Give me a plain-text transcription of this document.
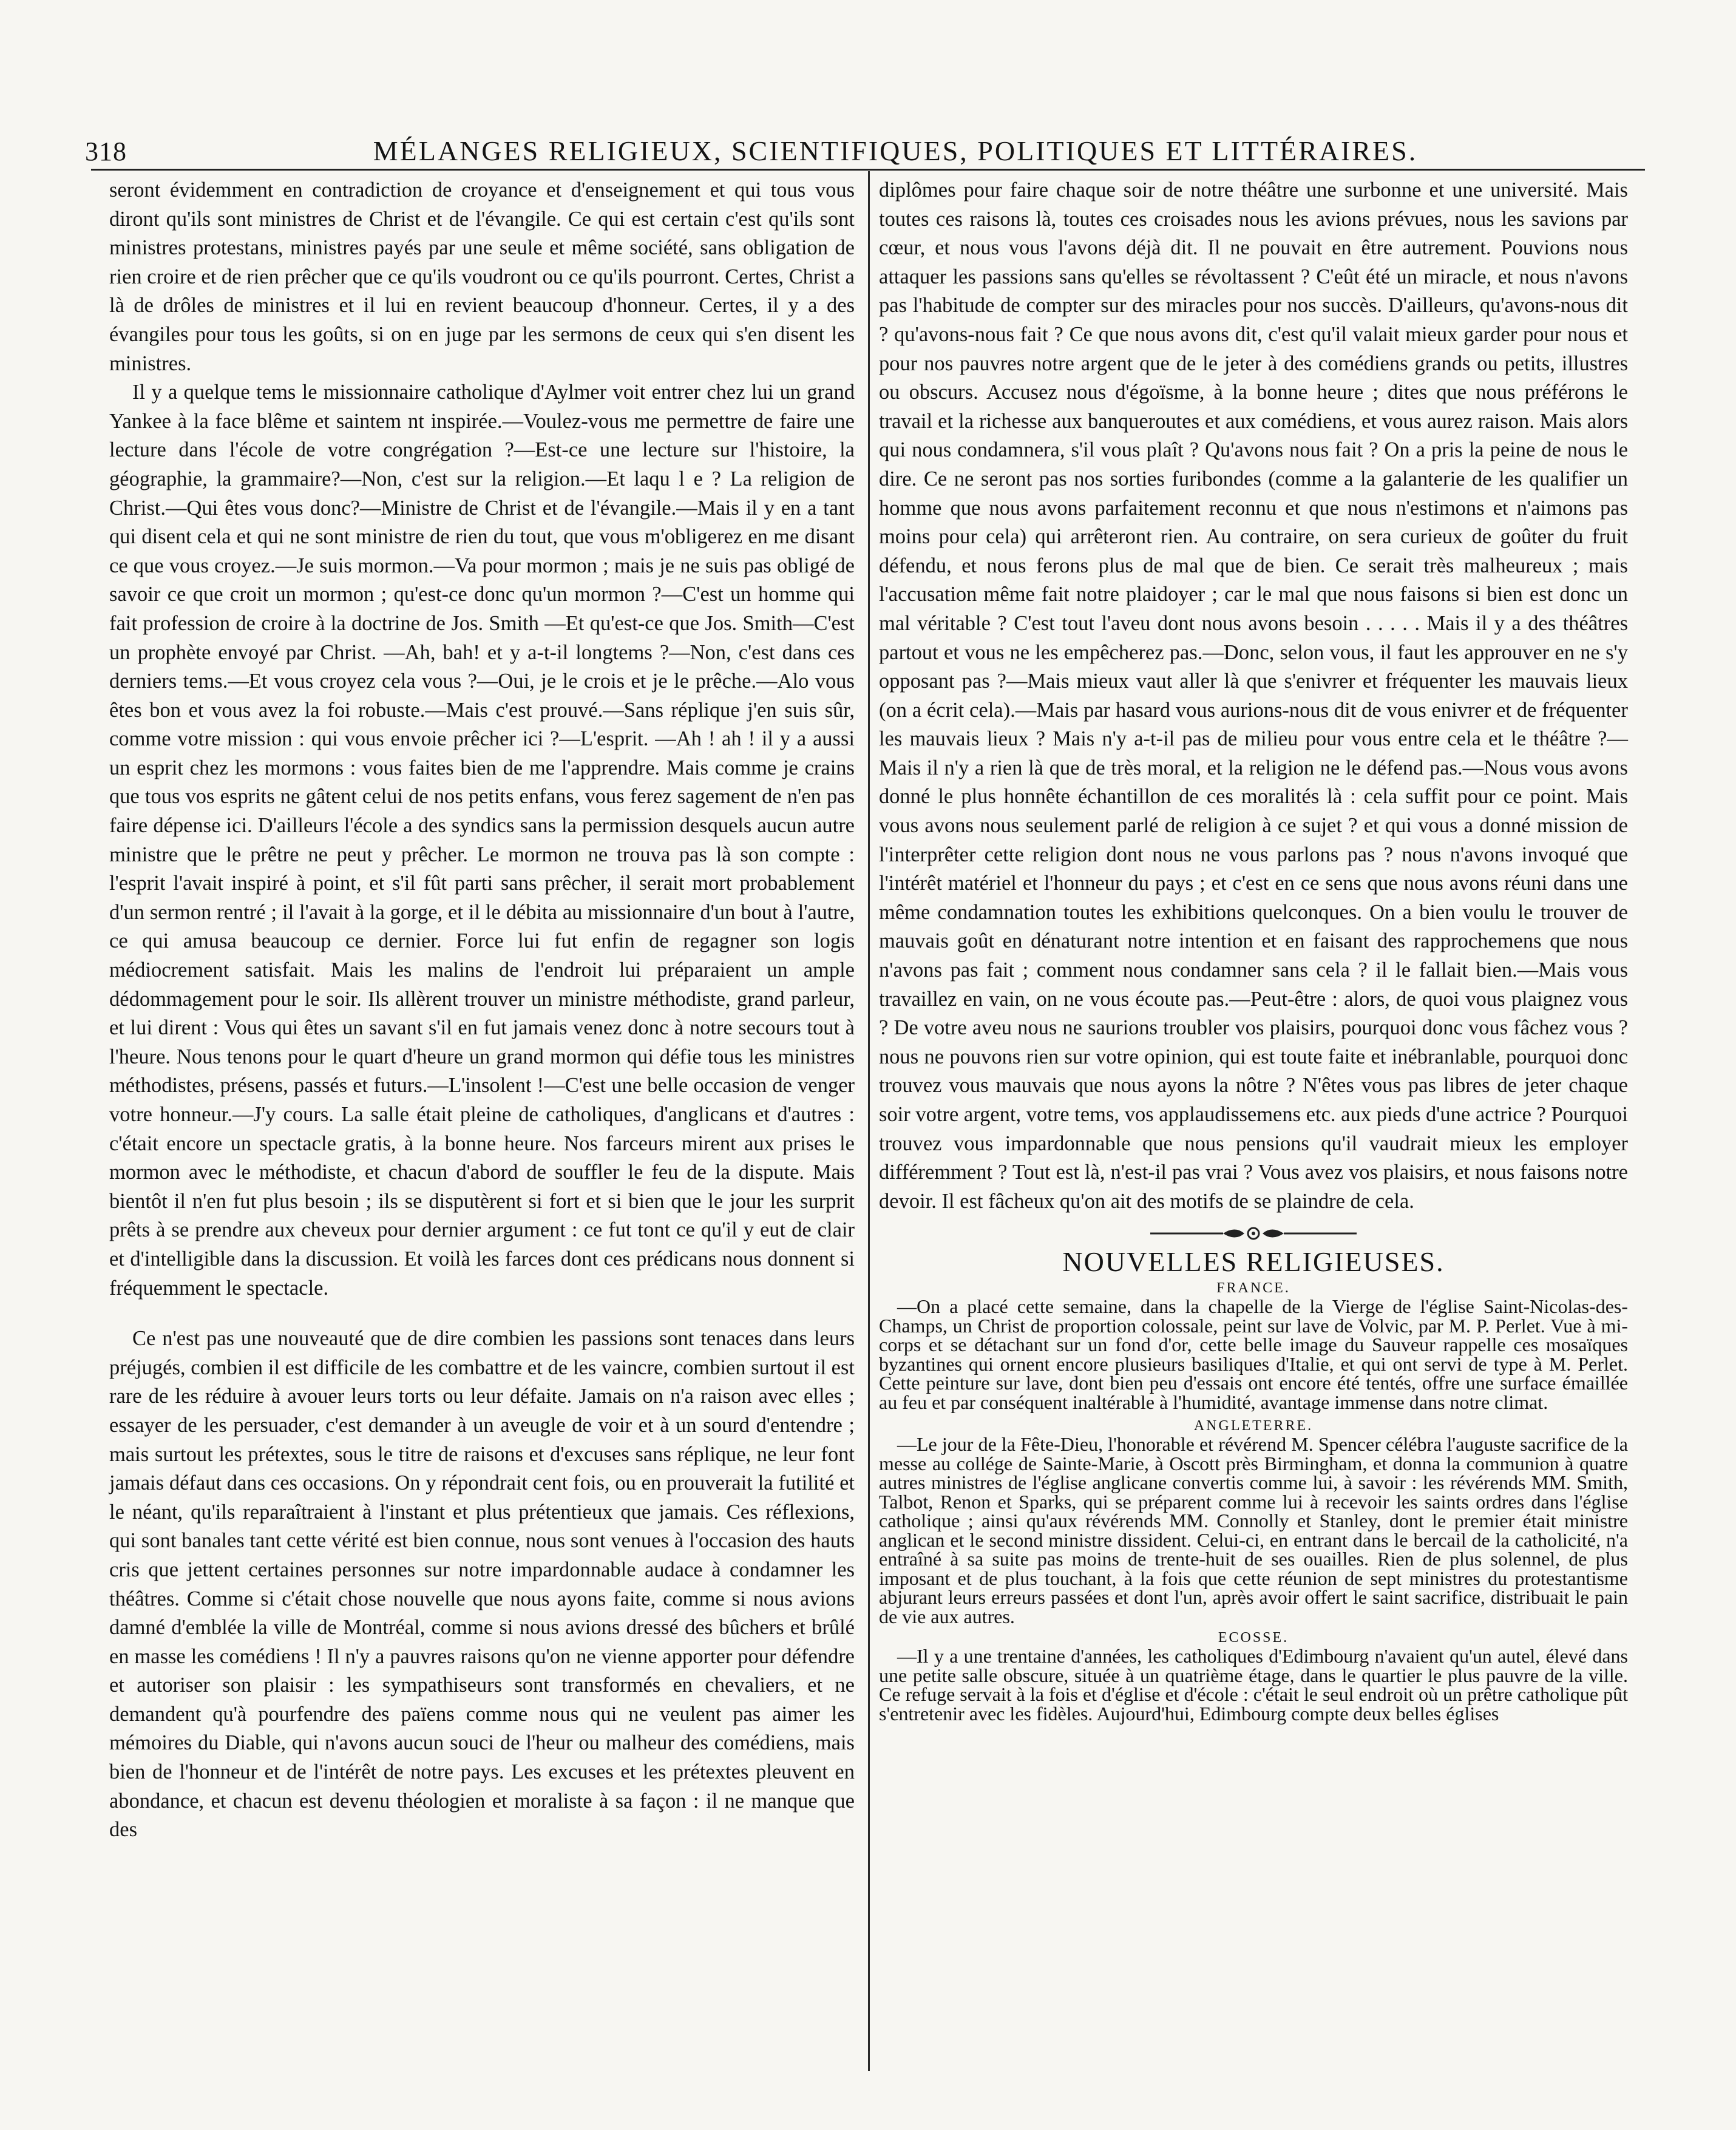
318	MÉLANGES RELIGIEUX, SCIENTIFIQUES, POLITIQUES ET LITTÉRAIRES.

seront évidemment en contradiction de croyance et d'enseignement et qui tous vous diront qu'ils sont ministres de Christ et de l'évangile. Ce qui est certain c'est qu'ils sont ministres protestans, ministres payés par une seule et même société, sans obligation de rien croire et de rien prêcher que ce qu'ils voudront ou ce qu'ils pourront. Certes, Christ a là de drôles de ministres et il lui en revient beaucoup d'honneur. Certes, il y a des évangiles pour tous les goûts, si on en juge par les sermons de ceux qui s'en disent les ministres.

Il y a quelque tems le missionnaire catholique d'Aylmer voit entrer chez lui un grand Yankee à la face blême et saintem nt inspirée.—Voulez-vous me permettre de faire une lecture dans l'école de votre congrégation ?—Est-ce une lecture sur l'histoire, la géographie, la grammaire?—Non, c'est sur la religion.—Et laqu l e ? La religion de Christ.—Qui êtes vous donc?—Ministre de Christ et de l'évangile.—Mais il y en a tant qui disent cela et qui ne sont ministre de rien du tout, que vous m'obligerez en me disant ce que vous croyez.—Je suis mormon.—Va pour mormon ; mais je ne suis pas obligé de savoir ce que croit un mormon ; qu'est-ce donc qu'un mormon ?—C'est un homme qui fait profession de croire à la doctrine de Jos. Smith —Et qu'est-ce que Jos. Smith—C'est un prophète envoyé par Christ. —Ah, bah! et y a-t-il longtems ?—Non, c'est dans ces derniers tems.—Et vous croyez cela vous ?—Oui, je le crois et je le prêche.—Alo vous êtes bon et vous avez la foi robuste.—Mais c'est prouvé.—Sans réplique j'en suis sûr, comme votre mission : qui vous envoie prêcher ici ?—L'esprit. —Ah ! ah ! il y a aussi un esprit chez les mormons : vous faites bien de me l'apprendre. Mais comme je crains que tous vos esprits ne gâtent celui de nos petits enfans, vous ferez sagement de n'en pas faire dépense ici. D'ailleurs l'école a des syndics sans la permission desquels aucun autre ministre que le prêtre ne peut y prêcher. Le mormon ne trouva pas là son compte : l'esprit l'avait inspiré à point, et s'il fût parti sans prêcher, il serait mort probablement d'un sermon rentré ; il l'avait à la gorge, et il le débita au missionnaire d'un bout à l'autre, ce qui amusa beaucoup ce dernier. Force lui fut enfin de regagner son logis médiocrement satisfait. Mais les malins de l'endroit lui préparaient un ample dédommagement pour le soir. Ils allèrent trouver un ministre méthodiste, grand parleur, et lui dirent : Vous qui êtes un savant s'il en fut jamais venez donc à notre secours tout à l'heure. Nous tenons pour le quart d'heure un grand mormon qui défie tous les ministres méthodistes, présens, passés et futurs.—L'insolent !—C'est une belle occasion de venger votre honneur.—J'y cours. La salle était pleine de catholiques, d'anglicans et d'autres : c'était encore un spectacle gratis, à la bonne heure. Nos farceurs mirent aux prises le mormon avec le méthodiste, et chacun d'abord de souffler le feu de la dispute. Mais bientôt il n'en fut plus besoin ; ils se disputèrent si fort et si bien que le jour les surprit prêts à se prendre aux cheveux pour dernier argument : ce fut tont ce qu'il y eut de clair et d'intelligible dans la discussion. Et voilà les farces dont ces prédicans nous donnent si fréquemment le spectacle.

Ce n'est pas une nouveauté que de dire combien les passions sont tenaces dans leurs préjugés, combien il est difficile de les combattre et de les vaincre, combien surtout il est rare de les réduire à avouer leurs torts ou leur défaite. Jamais on n'a raison avec elles ; essayer de les persuader, c'est demander à un aveugle de voir et à un sourd d'entendre ; mais surtout les prétextes, sous le titre de raisons et d'excuses sans réplique, ne leur font jamais défaut dans ces occasions. On y répondrait cent fois, ou en prouverait la futilité et le néant, qu'ils reparaîtraient à l'instant et plus prétentieux que jamais. Ces réflexions, qui sont banales tant cette vérité est bien connue, nous sont venues à l'occasion des hauts cris que jettent certaines personnes sur notre impardonnable audace à condamner les théâtres. Comme si c'était chose nouvelle que nous ayons faite, comme si nous avions damné d'emblée la ville de Montréal, comme si nous avions dressé des bûchers et brûlé en masse les comédiens ! Il n'y a pauvres raisons qu'on ne vienne apporter pour défendre et autoriser son plaisir : les sympathiseurs sont transformés en chevaliers, et ne demandent qu'à pourfendre des païens comme nous qui ne veulent pas aimer les mémoires du Diable, qui n'avons aucun souci de l'heur ou malheur des comédiens, mais bien de l'honneur et de l'intérêt de notre pays. Les excuses et les prétextes pleuvent en abondance, et chacun est devenu théologien et moraliste à sa façon : il ne manque que des

diplômes pour faire chaque soir de notre théâtre une surbonne et une université. Mais toutes ces raisons là, toutes ces croisades nous les avions prévues, nous les savions par cœur, et nous vous l'avons déjà dit. Il ne pouvait en être autrement. Pouvions nous attaquer les passions sans qu'elles se révoltassent ? C'eût été un miracle, et nous n'avons pas l'habitude de compter sur des miracles pour nos succès. D'ailleurs, qu'avons-nous dit ? qu'avons-nous fait ? Ce que nous avons dit, c'est qu'il valait mieux garder pour nous et pour nos pauvres notre argent que de le jeter à des comédiens grands ou petits, illustres ou obscurs. Accusez nous d'égoïsme, à la bonne heure ; dites que nous préférons le travail et la richesse aux banqueroutes et aux comédiens, et vous aurez raison. Mais alors qui nous condamnera, s'il vous plaît ? Qu'avons nous fait ? On a pris la peine de nous le dire. Ce ne seront pas nos sorties furibondes (comme a la galanterie de les qualifier un homme que nous avons parfaitement reconnu et que nous n'estimons et n'aimons pas moins pour cela) qui arrêteront rien. Au contraire, on sera curieux de goûter du fruit défendu, et nous ferons plus de mal que de bien. Ce serait très malheureux ; mais l'accusation même fait notre plaidoyer ; car le mal que nous faisons si bien est donc un mal véritable ? C'est tout l'aveu dont nous avons besoin . . . . . Mais il y a des théâtres partout et vous ne les empêcherez pas.—Donc, selon vous, il faut les approuver en ne s'y opposant pas ?—Mais mieux vaut aller là que s'enivrer et fréquenter les mauvais lieux (on a écrit cela).—Mais par hasard vous aurions-nous dit de vous enivrer et de fréquenter les mauvais lieux ? Mais n'y a-t-il pas de milieu pour vous entre cela et le théâtre ?—Mais il n'y a rien là que de très moral, et la religion ne le défend pas.—Nous vous avons donné le plus honnête échantillon de ces moralités là : cela suffit pour ce point. Mais vous avons nous seulement parlé de religion à ce sujet ? et qui vous a donné mission de l'interprêter cette religion dont nous ne vous parlons pas ? nous n'avons invoqué que l'intérêt matériel et l'honneur du pays ; et c'est en ce sens que nous avons réuni dans une même condamnation toutes les exhibitions quelconques. On a bien voulu le trouver de mauvais goût en dénaturant notre intention et en faisant des rapprochemens que nous n'avons pas fait ; comment nous condamner sans cela ? il le fallait bien.—Mais vous travaillez en vain, on ne vous écoute pas.—Peut-être : alors, de quoi vous plaignez vous ? De votre aveu nous ne saurions troubler vos plaisirs, pourquoi donc vous fâchez vous ? nous ne pouvons rien sur votre opinion, qui est toute faite et inébranlable, pourquoi donc trouvez vous mauvais que nous ayons la nôtre ? N'êtes vous pas libres de jeter chaque soir votre argent, votre tems, vos applaudissemens etc. aux pieds d'une actrice ? Pourquoi trouvez vous impardonnable que nous pensions qu'il vaudrait mieux les employer différemment ? Tout est là, n'est-il pas vrai ? Vous avez vos plaisirs, et nous faisons notre devoir. Il est fâcheux qu'on ait des motifs de se plaindre de cela.

NOUVELLES RELIGIEUSES.
FRANCE.

—On a placé cette semaine, dans la chapelle de la Vierge de l'église Saint-Nicolas-des-Champs, un Christ de proportion colossale, peint sur lave de Volvic, par M. P. Perlet. Vue à mi-corps et se détachant sur un fond d'or, cette belle image du Sauveur rappelle ces mosaïques byzantines qui ornent encore plusieurs basiliques d'Italie, et qui ont servi de type à M. Perlet. Cette peinture sur lave, dont bien peu d'essais ont encore été tentés, offre une surface émaillée au feu et par conséquent inaltérable à l'humidité, avantage immense dans notre climat.

ANGLETERRE.

—Le jour de la Fête-Dieu, l'honorable et révérend M. Spencer célébra l'auguste sacrifice de la messe au collége de Sainte-Marie, à Oscott près Birmingham, et donna la communion à quatre autres ministres de l'église anglicane convertis comme lui, à savoir : les révérends MM. Smith, Talbot, Renon et Sparks, qui se préparent comme lui à recevoir les saints ordres dans l'église catholique ; ainsi qu'aux révérends MM. Connolly et Stanley, dont le premier était ministre anglican et le second ministre dissident. Celui-ci, en entrant dans le bercail de la catholicité, n'a entraîné à sa suite pas moins de trente-huit de ses ouailles. Rien de plus solennel, de plus imposant et de plus touchant, à la fois que cette réunion de sept ministres du protestantisme abjurant leurs erreurs passées et dont l'un, après avoir offert le saint sacrifice, distribuait le pain de vie aux autres.

ECOSSE.

—Il y a une trentaine d'années, les catholiques d'Edimbourg n'avaient qu'un autel, élevé dans une petite salle obscure, située à un quatrième étage, dans le quartier le plus pauvre de la ville. Ce refuge servait à la fois et d'église et d'école : c'était le seul endroit où un prêtre catholique pût s'entretenir avec les fidèles. Aujourd'hui, Edimbourg compte deux belles églises
